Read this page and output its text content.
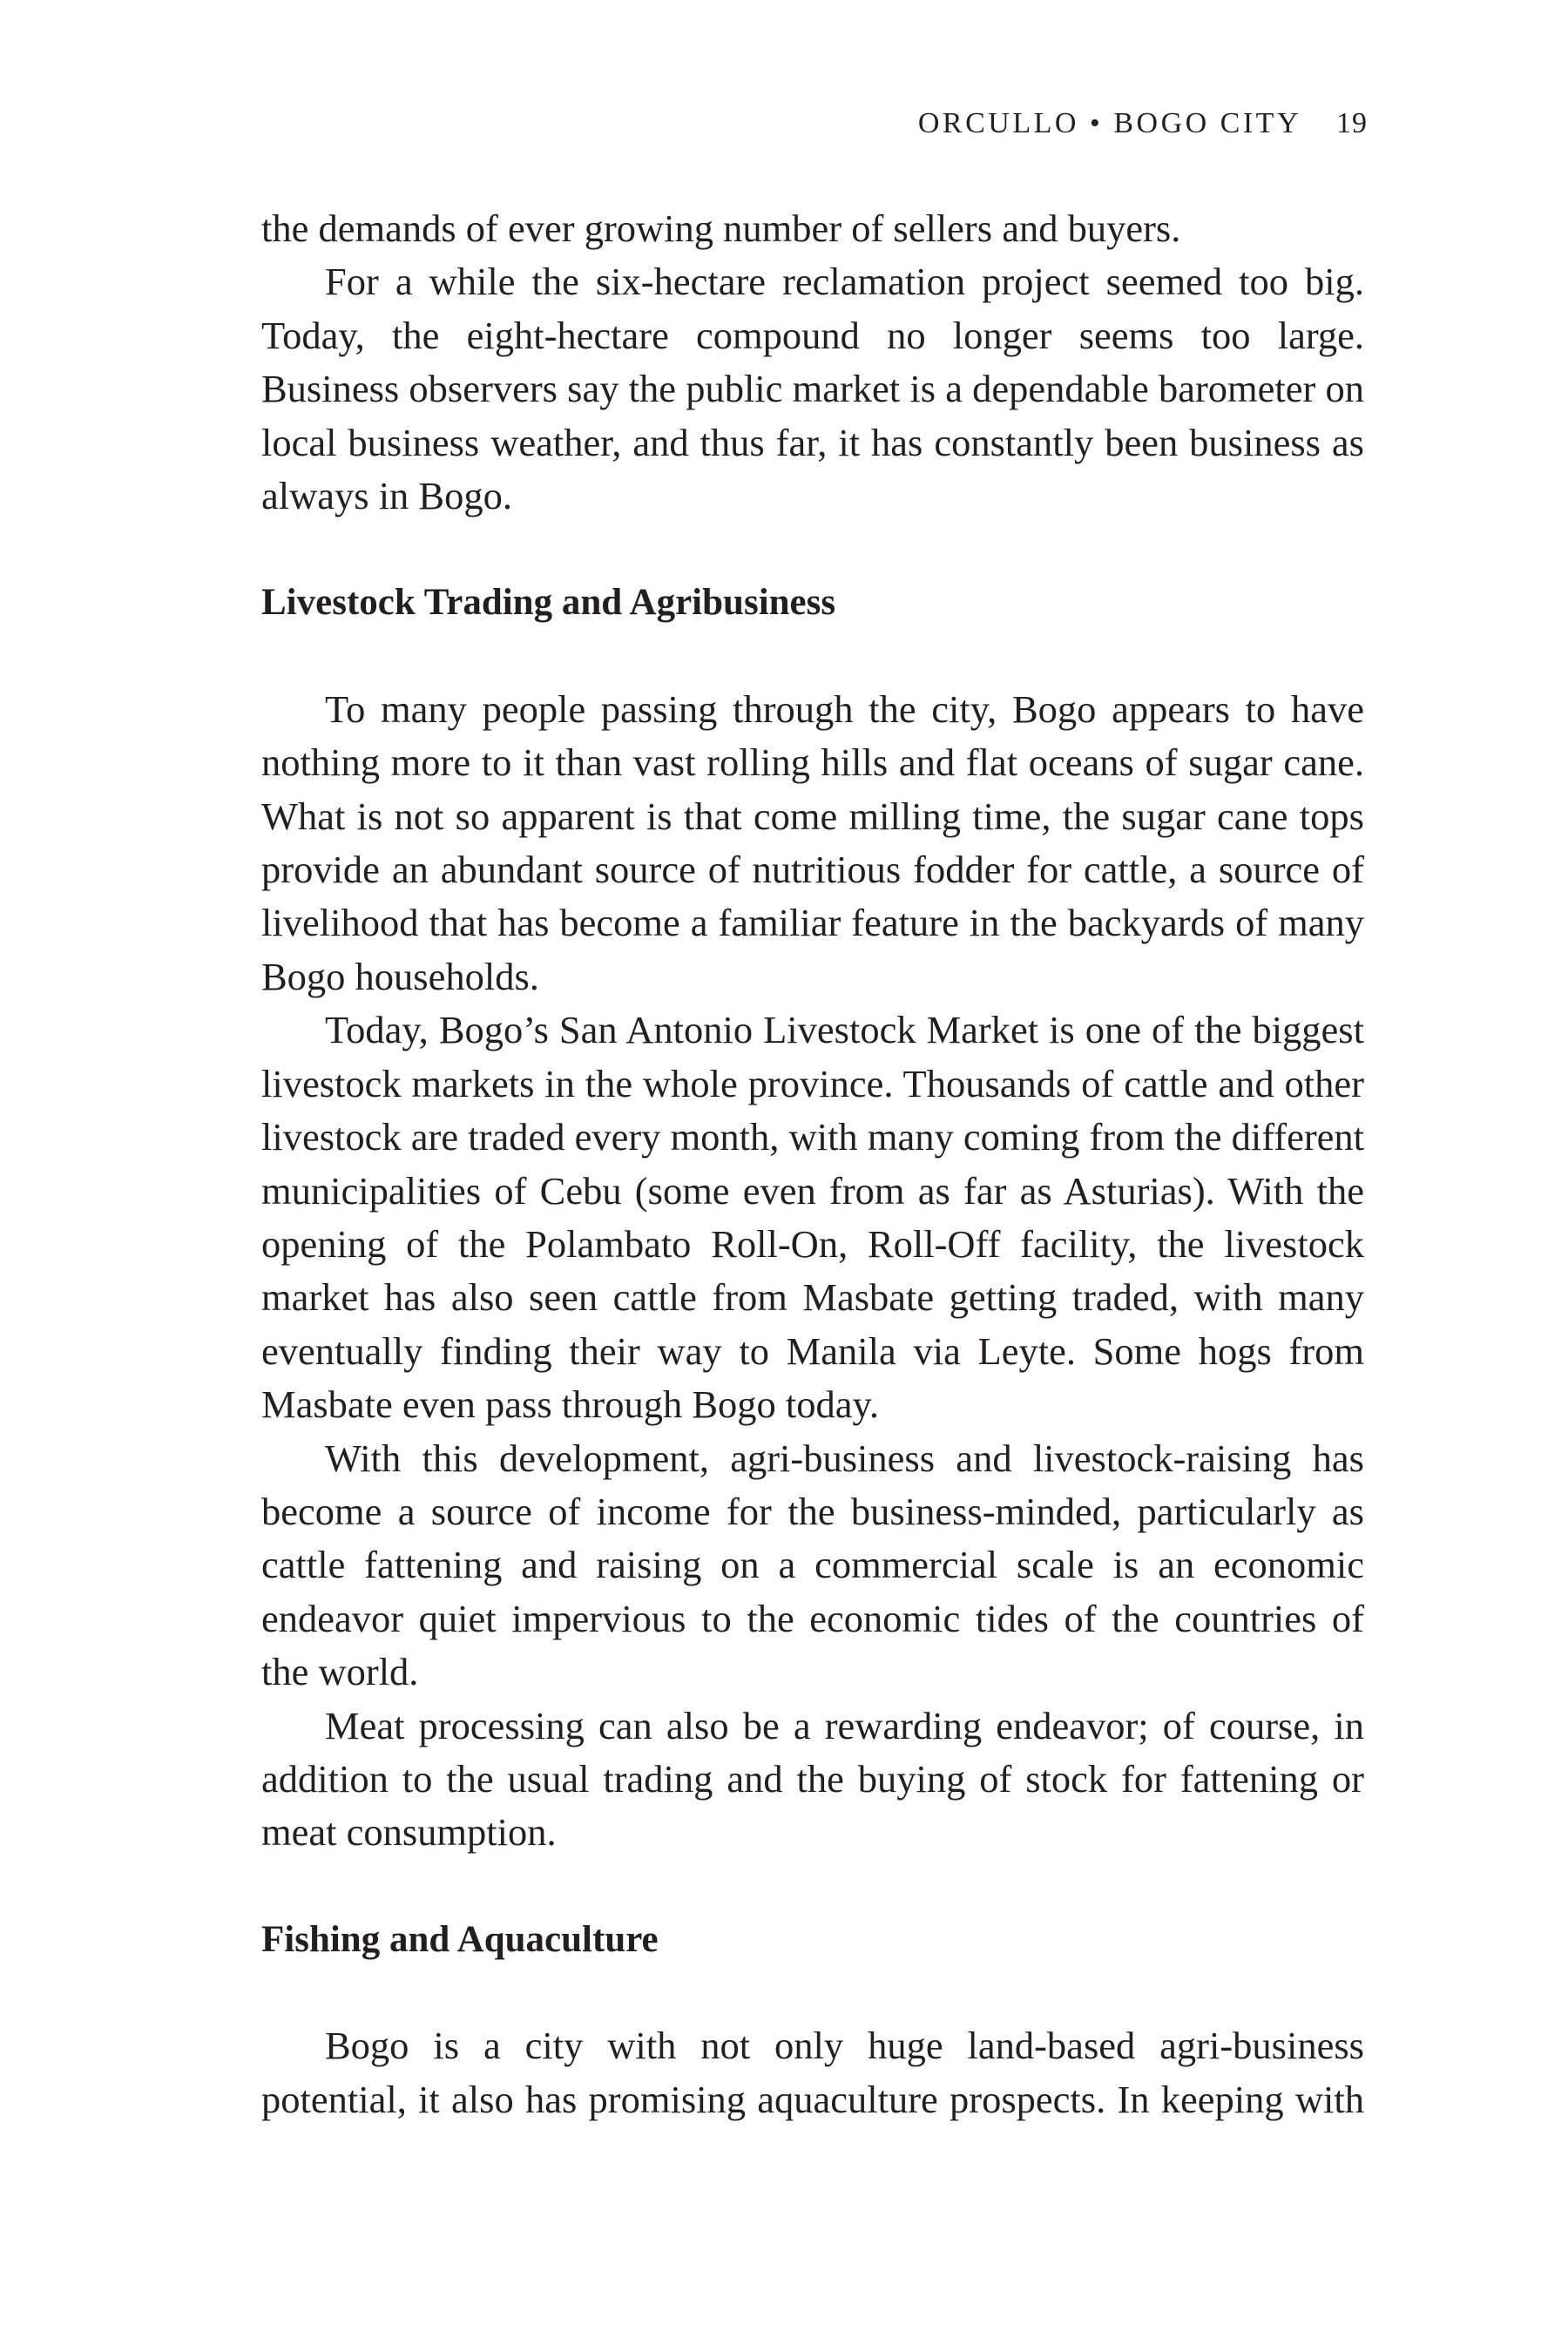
ORCULLO • BOGO CITY 19

the demands of ever growing number of sellers and buyers.

For a while the six-hectare reclamation project seemed too big. Today, the eight-hectare compound no longer seems too large. Business observers say the public market is a dependable barometer on local business weather, and thus far, it has constantly been business as always in Bogo.

Livestock Trading and Agribusiness

To many people passing through the city, Bogo appears to have nothing more to it than vast rolling hills and flat oceans of sugar cane. What is not so apparent is that come milling time, the sugar cane tops provide an abundant source of nutritious fodder for cattle, a source of livelihood that has become a familiar feature in the backyards of many Bogo households.

Today, Bogo’s San Antonio Livestock Market is one of the biggest livestock markets in the whole province. Thousands of cattle and other livestock are traded every month, with many coming from the different municipalities of Cebu (some even from as far as Asturias). With the opening of the Polambato Roll-On, Roll-Off facility, the livestock market has also seen cattle from Masbate getting traded, with many eventually finding their way to Manila via Leyte. Some hogs from Masbate even pass through Bogo today.

With this development, agri-business and livestock-raising has become a source of income for the business-minded, particularly as cattle fattening and raising on a commercial scale is an economic endeavor quiet impervious to the economic tides of the countries of the world.

Meat processing can also be a rewarding endeavor; of course, in addition to the usual trading and the buying of stock for fattening or meat consumption.

Fishing and Aquaculture

Bogo is a city with not only huge land-based agri-business potential, it also has promising aquaculture prospects. In keeping with
